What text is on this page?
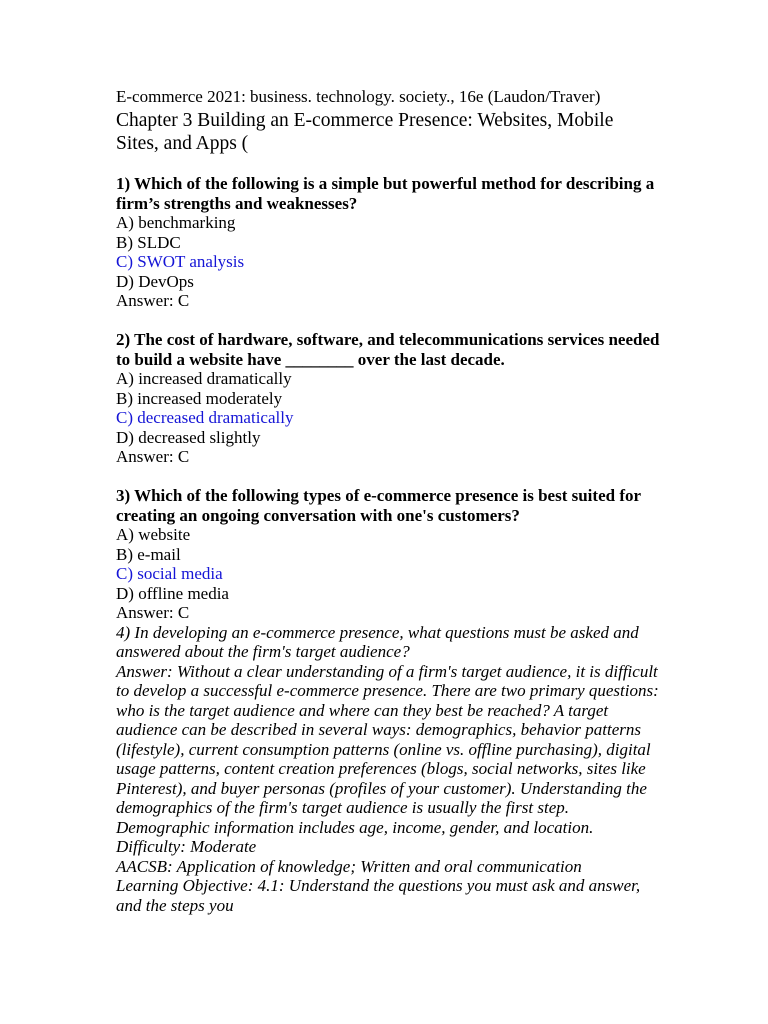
E-commerce 2021: business. technology. society., 16e (Laudon/Traver)

Chapter 3 Building an E-commerce Presence: Websites, Mobile Sites, and Apps (

1) Which of the following is a simple but powerful method for describing a firm’s strengths and weaknesses?

A) benchmarking

B) SLDC

C) SWOT analysis

D) DevOps

Answer: C

2) The cost of hardware, software, and telecommunications services needed to build a website have ________ over the last decade.

A) increased dramatically

B) increased moderately

C) decreased dramatically

D) decreased slightly

Answer: C

3) Which of the following types of e-commerce presence is best suited for creating an ongoing conversation with one's customers?

A) website

B) e-mail

C) social media

D) offline media

Answer: C

4) In developing an e-commerce presence, what questions must be asked and answered about the firm's target audience?

Answer: Without a clear understanding of a firm's target audience, it is difficult to develop a successful e-commerce presence. There are two primary questions: who is the target audience and where can they best be reached? A target audience can be described in several ways: demographics, behavior patterns (lifestyle), current consumption patterns (online vs. offline purchasing), digital usage patterns, content creation preferences (blogs, social networks, sites like Pinterest), and buyer personas (profiles of your customer). Understanding the demographics of the firm's target audience is usually the first step. Demographic information includes age, income, gender, and location.

Difficulty: Moderate

AACSB: Application of knowledge; Written and oral communication

Learning Objective: 4.1: Understand the questions you must ask and answer, and the steps you
